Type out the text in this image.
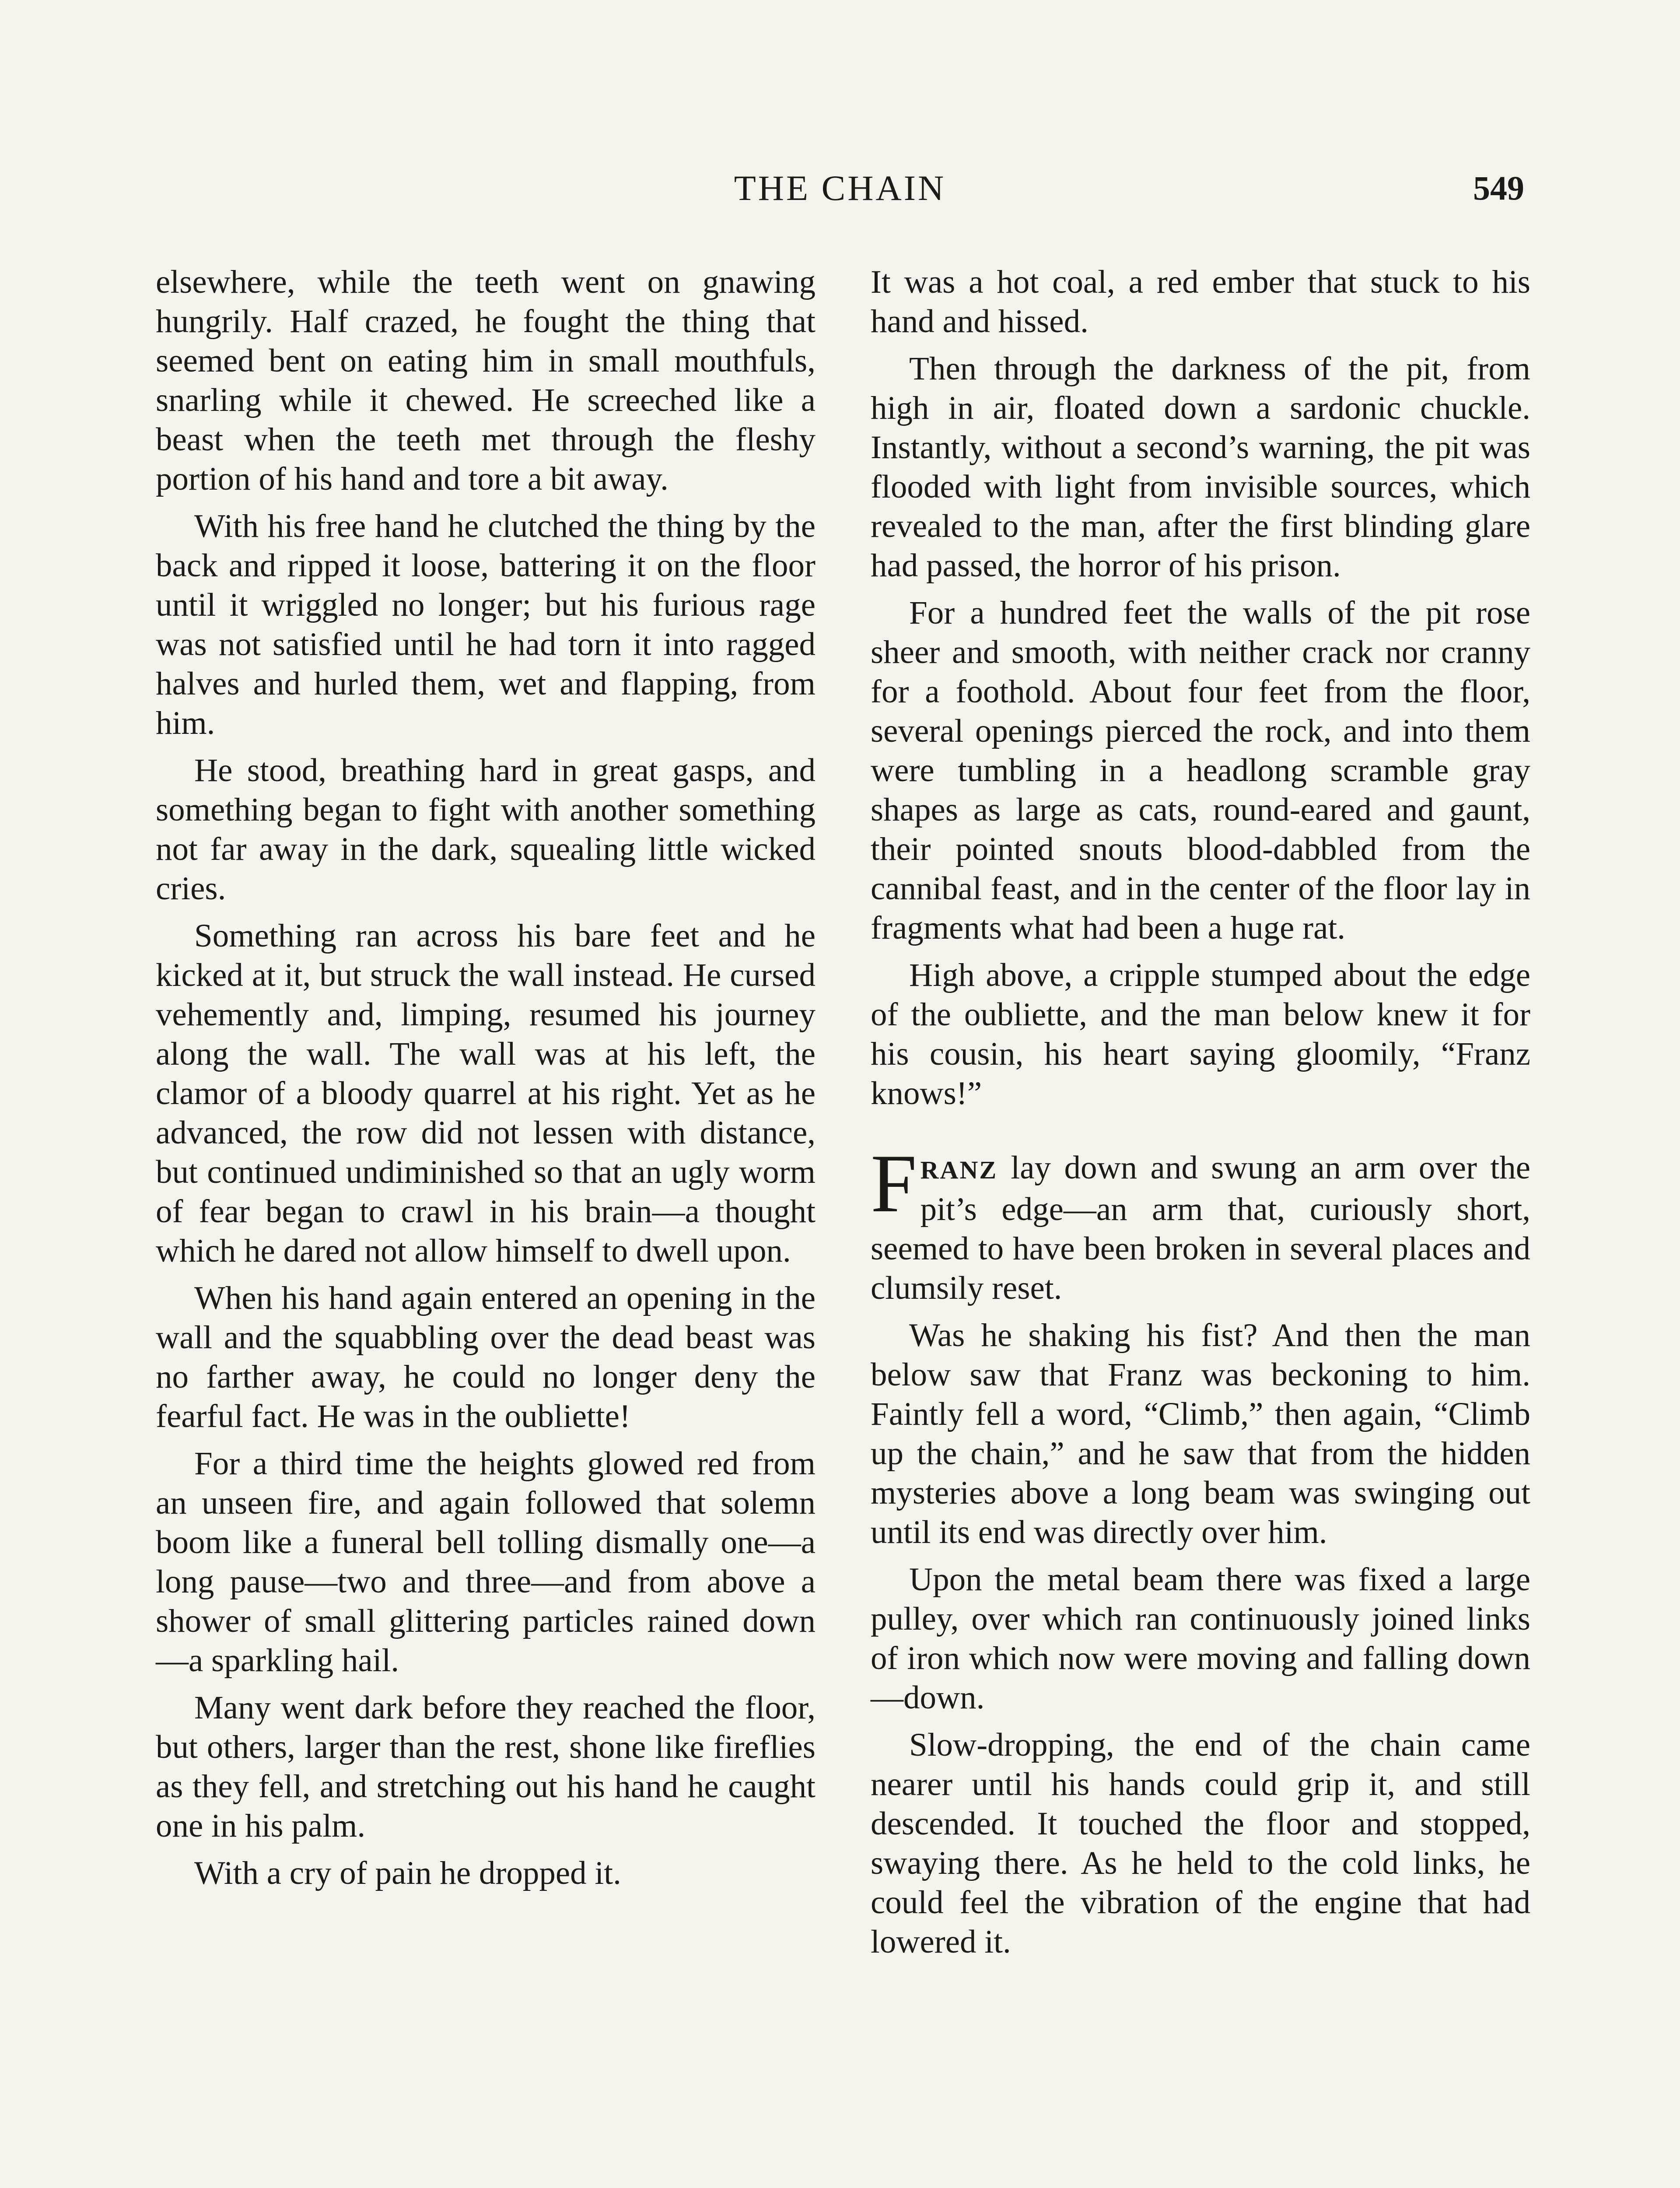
THE CHAIN	549

elsewhere, while the teeth went on gnawing hungrily. Half crazed, he fought the thing that seemed bent on eating him in small mouthfuls, snarling while it chewed. He screeched like a beast when the teeth met through the fleshy portion of his hand and tore a bit away.

With his free hand he clutched the thing by the back and ripped it loose, battering it on the floor until it wriggled no longer; but his furious rage was not satisfied until he had torn it into ragged halves and hurled them, wet and flapping, from him.

He stood, breathing hard in great gasps, and something began to fight with another something not far away in the dark, squealing little wicked cries.

Something ran across his bare feet and he kicked at it, but struck the wall instead. He cursed vehemently and, limping, resumed his journey along the wall. The wall was at his left, the clamor of a bloody quarrel at his right. Yet as he advanced, the row did not lessen with distance, but continued undiminished so that an ugly worm of fear began to crawl in his brain—a thought which he dared not allow himself to dwell upon.

When his hand again entered an opening in the wall and the squabbling over the dead beast was no farther away, he could no longer deny the fearful fact. He was in the oubliette!

For a third time the heights glowed red from an unseen fire, and again followed that solemn boom like a funeral bell tolling dismally one—a long pause—two and three—and from above a shower of small glittering particles rained down—a sparkling hail.

Many went dark before they reached the floor, but others, larger than the rest, shone like fireflies as they fell, and stretching out his hand he caught one in his palm.

With a cry of pain he dropped it.

It was a hot coal, a red ember that stuck to his hand and hissed.

Then through the darkness of the pit, from high in air, floated down a sardonic chuckle. Instantly, without a second’s warning, the pit was flooded with light from invisible sources, which revealed to the man, after the first blinding glare had passed, the horror of his prison.

For a hundred feet the walls of the pit rose sheer and smooth, with neither crack nor cranny for a foothold. About four feet from the floor, several openings pierced the rock, and into them were tumbling in a headlong scramble gray shapes as large as cats, round-eared and gaunt, their pointed snouts blood-dabbled from the cannibal feast, and in the center of the floor lay in fragments what had been a huge rat.

High above, a cripple stumped about the edge of the oubliette, and the man below knew it for his cousin, his heart saying gloomily, “Franz knows!”

FRANZ lay down and swung an arm over the pit’s edge—an arm that, curiously short, seemed to have been broken in several places and clumsily reset.

Was he shaking his fist? And then the man below saw that Franz was beckoning to him. Faintly fell a word, “Climb,” then again, “Climb up the chain,” and he saw that from the hidden mysteries above a long beam was swinging out until its end was directly over him.

Upon the metal beam there was fixed a large pulley, over which ran continuously joined links of iron which now were moving and falling down—down.

Slow-dropping, the end of the chain came nearer until his hands could grip it, and still descended. It touched the floor and stopped, swaying there. As he held to the cold links, he could feel the vibration of the engine that had lowered it.
